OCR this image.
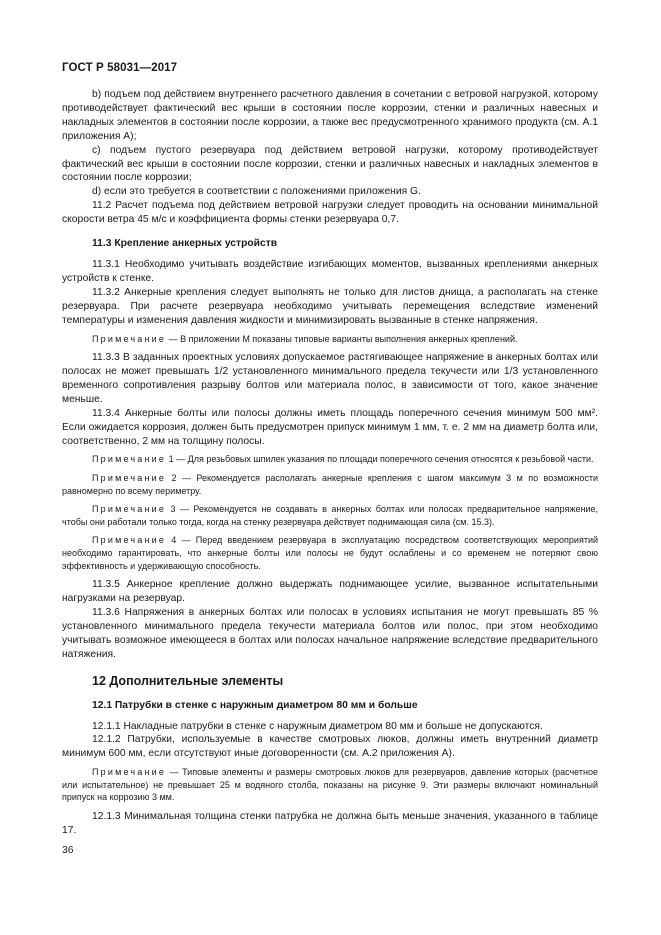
ГОСТ Р 58031—2017

b) подъем под действием внутреннего расчетного давления в сочетании с ветровой нагрузкой, которому противодействует фактический вес крыши в состоянии после коррозии, стенки и различных навесных и накладных элементов в состоянии после коррозии, а также вес предусмотренного хранимого продукта (см. А.1 приложения А);

c) подъем пустого резервуара под действием ветровой нагрузки, которому противодействует фактический вес крыши в состоянии после коррозии, стенки и различных навесных и накладных элементов в состоянии после коррозии;

d) если это требуется в соответствии с положениями приложения G.

11.2 Расчет подъема под действием ветровой нагрузки следует проводить на основании минимальной скорости ветра 45 м/с и коэффициента формы стенки резервуара 0,7.

11.3 Крепление анкерных устройств

11.3.1 Необходимо учитывать воздействие изгибающих моментов, вызванных креплениями анкерных устройств к стенке.

11.3.2 Анкерные крепления следует выполнять не только для листов днища, а располагать на стенке резервуара. При расчете резервуара необходимо учитывать перемещения вследствие изменений температуры и изменения давления жидкости и минимизировать вызванные в стенке напряжения.

Примечание — В приложении М показаны типовые варианты выполнения анкерных креплений.

11.3.3 В заданных проектных условиях допускаемое растягивающее напряжение в анкерных болтах или полосах не может превышать 1/2 установленного минимального предела текучести или 1/3 установленного временного сопротивления разрыву болтов или материала полос, в зависимости от того, какое значение меньше.

11.3.4 Анкерные болты или полосы должны иметь площадь поперечного сечения минимум 500 мм². Если ожидается коррозия, должен быть предусмотрен припуск минимум 1 мм, т. е. 2 мм на диаметр болта или, соответственно, 2 мм на толщину полосы.

Примечание 1 — Для резьбовых шпилек указания по площади поперечного сечения относятся к резьбовой части.
Примечание 2 — Рекомендуется располагать анкерные крепления с шагом максимум 3 м по возможности равномерно по всему периметру.
Примечание 3 — Рекомендуется не создавать в анкерных болтах или полосах предварительное напряжение, чтобы они работали только тогда, когда на стенку резервуара действует поднимающая сила (см. 15.3).
Примечание 4 — Перед введением резервуара в эксплуатацию посредством соответствующих мероприятий необходимо гарантировать, что анкерные болты или полосы не будут ослаблены и со временем не потеряют свою эффективность и удерживающую способность.

11.3.5 Анкерное крепление должно выдержать поднимающее усилие, вызванное испытательными нагрузками на резервуар.

11.3.6 Напряжения в анкерных болтах или полосах в условиях испытания не могут превышать 85 % установленного минимального предела текучести материала болтов или полос, при этом необходимо учитывать возможное имеющееся в болтах или полосах начальное напряжение вследствие предварительного натяжения.

12 Дополнительные элементы
12.1 Патрубки в стенке с наружным диаметром 80 мм и больше

12.1.1 Накладные патрубки в стенке с наружным диаметром 80 мм и больше не допускаются.

12.1.2 Патрубки, используемые в качестве смотровых люков, должны иметь внутренний диаметр минимум 600 мм, если отсутствуют иные договоренности (см. А.2 приложения А).

Примечание — Типовые элементы и размеры смотровых люков для резервуаров, давление которых (расчетное или испытательное) не превышает 25 м водяного столба, показаны на рисунке 9. Эти размеры включают номинальный припуск на коррозию 3 мм.

12.1.3 Минимальная толщина стенки патрубка не должна быть меньше значения, указанного в таблице 17.

36
